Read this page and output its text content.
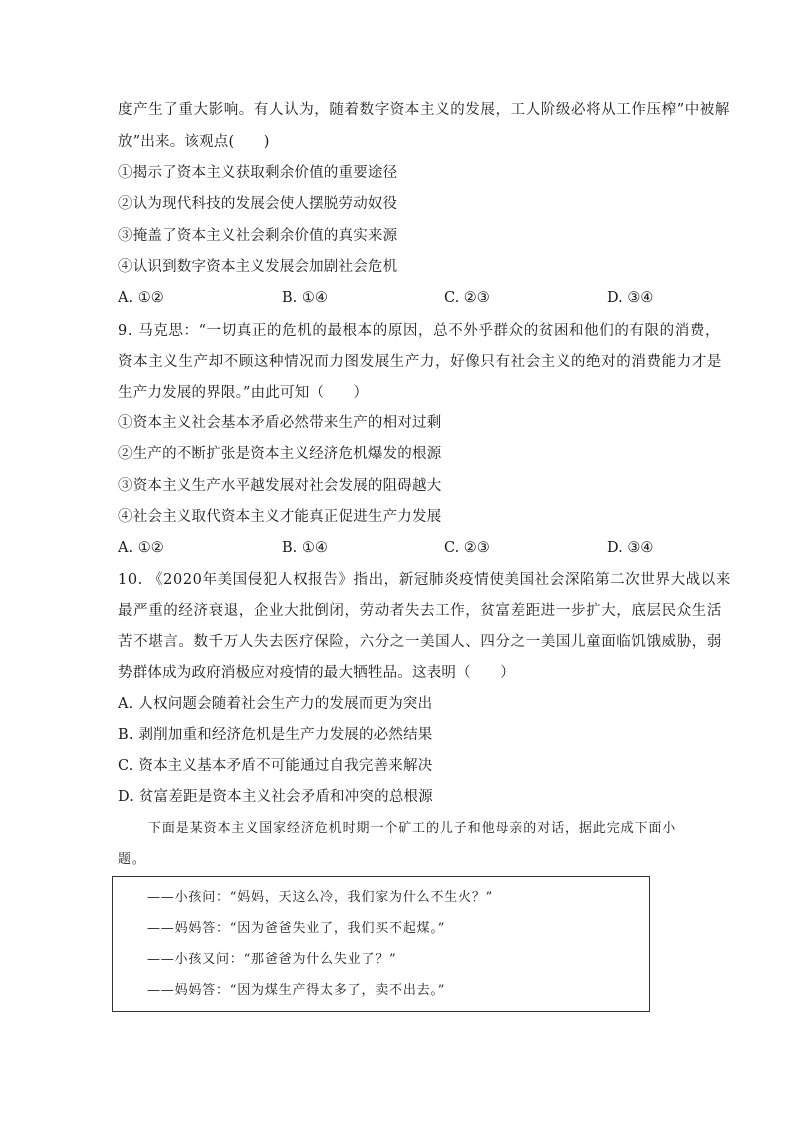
度产生了重大影响。有人认为，随着数字资本主义的发展，工人阶级必将从工作压榨”中被解
放”出来。该观点(　　)
①揭示了资本主义获取剩余价值的重要途径
②认为现代科技的发展会使人摆脱劳动奴役
③掩盖了资本主义社会剩余价值的真实来源
④认识到数字资本主义发展会加剧社会危机
A. ①②	B. ①④	C. ②③	D. ③④
9. 马克思：“一切真正的危机的最根本的原因，总不外乎群众的贫困和他们的有限的消费，
资本主义生产却不顾这种情况而力图发展生产力，好像只有社会主义的绝对的消费能力才是
生产力发展的界限。”由此可知（　　）
①资本主义社会基本矛盾必然带来生产的相对过剩
②生产的不断扩张是资本主义经济危机爆发的根源
③资本主义生产水平越发展对社会发展的阻碍越大
④社会主义取代资本主义才能真正促进生产力发展
A. ①②	B. ①④	C. ②③	D. ③④
10. 《2020年美国侵犯人权报告》指出，新冠肺炎疫情使美国社会深陷第二次世界大战以来
最严重的经济衰退，企业大批倒闭，劳动者失去工作，贫富差距进一步扩大，底层民众生活
苦不堪言。数千万人失去医疗保险，六分之一美国人、四分之一美国儿童面临饥饿威胁，弱
势群体成为政府消极应对疫情的最大牺牲品。这表明（　　）
A. 人权问题会随着社会生产力的发展而更为突出
B. 剥削加重和经济危机是生产力发展的必然结果
C. 资本主义基本矛盾不可能通过自我完善来解决
D. 贫富差距是资本主义社会矛盾和冲突的总根源
下面是某资本主义国家经济危机时期一个矿工的儿子和他母亲的对话，据此完成下面小
题。
——小孩问：“妈妈，天这么冷，我们家为什么不生火？”
——妈妈答：“因为爸爸失业了，我们买不起煤。”
——小孩又问：“那爸爸为什么失业了？”
——妈妈答：“因为煤生产得太多了，卖不出去。”
